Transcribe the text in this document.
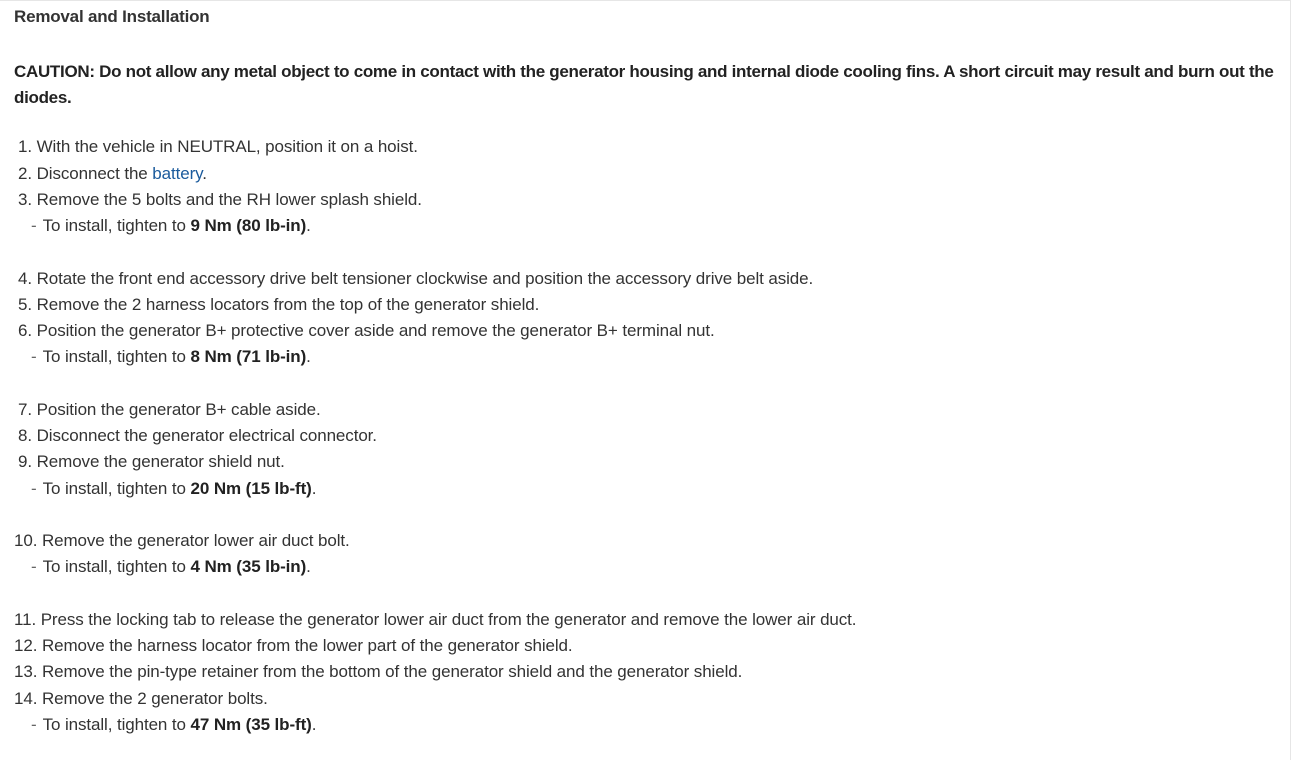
Removal and Installation
CAUTION: Do not allow any metal object to come in contact with the generator housing and internal diode cooling fins. A short circuit may result and burn out the diodes.
1. With the vehicle in NEUTRAL, position it on a hoist.
2. Disconnect the battery.
3. Remove the 5 bolts and the RH lower splash shield.
- To install, tighten to 9 Nm (80 lb-in).
4. Rotate the front end accessory drive belt tensioner clockwise and position the accessory drive belt aside.
5. Remove the 2 harness locators from the top of the generator shield.
6. Position the generator B+ protective cover aside and remove the generator B+ terminal nut.
- To install, tighten to 8 Nm (71 lb-in).
7. Position the generator B+ cable aside.
8. Disconnect the generator electrical connector.
9. Remove the generator shield nut.
- To install, tighten to 20 Nm (15 lb-ft).
10. Remove the generator lower air duct bolt.
- To install, tighten to 4 Nm (35 lb-in).
11. Press the locking tab to release the generator lower air duct from the generator and remove the lower air duct.
12. Remove the harness locator from the lower part of the generator shield.
13. Remove the pin-type retainer from the bottom of the generator shield and the generator shield.
14. Remove the 2 generator bolts.
- To install, tighten to 47 Nm (35 lb-ft).
